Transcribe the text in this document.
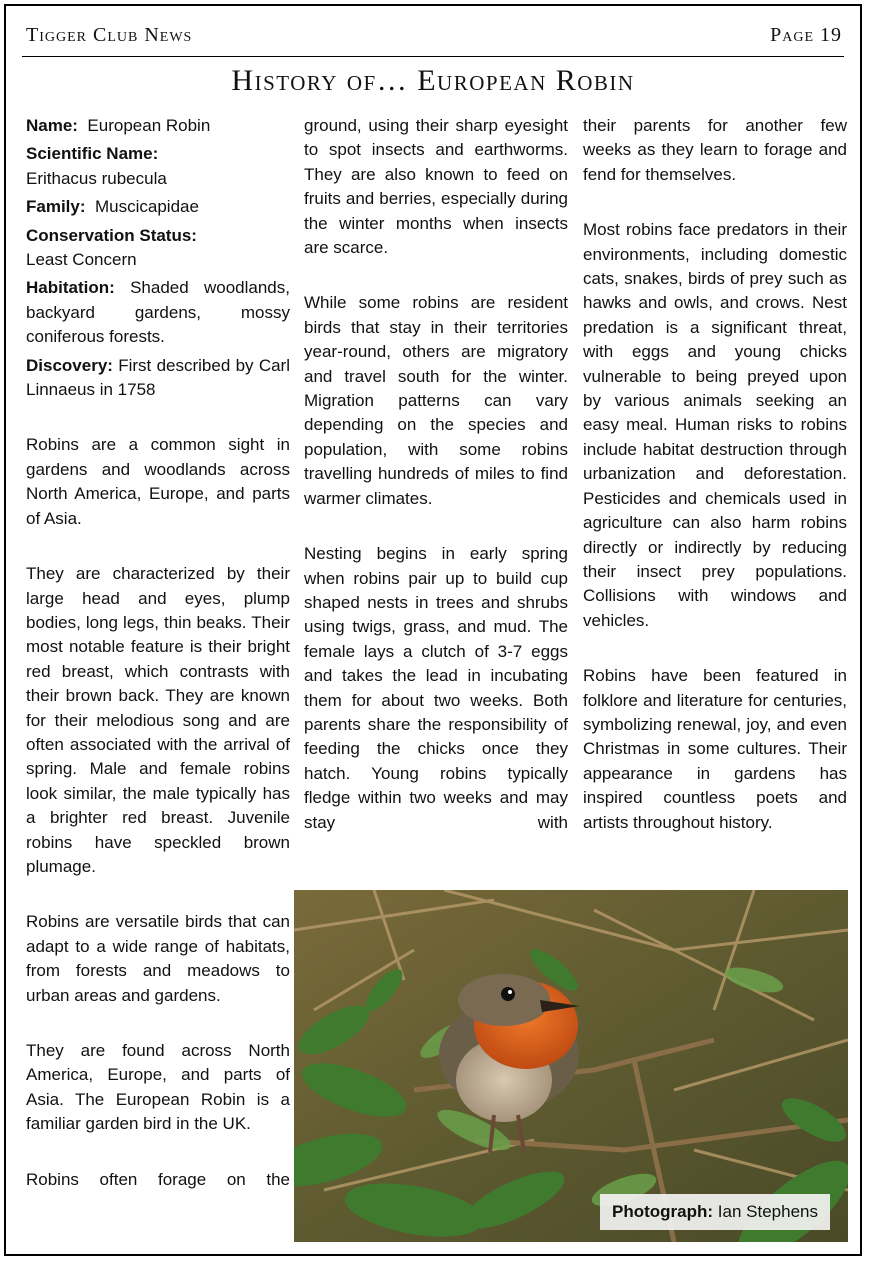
Tigger Club News	Page 19
History of… European Robin

Name: European Robin

Scientific Name:
Erithacus rubecula

Family: Muscicapidae

Conservation Status:
Least Concern

Habitation: Shaded woodlands, backyard gardens, mossy coniferous forests.

Discovery: First described by Carl Linnaeus in 1758

Robins are a common sight in gardens and woodlands across North America, Europe, and parts of Asia.

They are characterized by their large head and eyes, plump bodies, long legs, thin beaks. Their most notable feature is their bright red breast, which contrasts with their brown back. They are known for their melodious song and are often associated with the arrival of spring. Male and female robins look similar, the male typically has a brighter red breast. Juvenile robins have speckled brown plumage.

Robins are versatile birds that can adapt to a wide range of habitats, from forests and meadows to urban areas and gardens.

They are found across North America, Europe, and parts of Asia. The European Robin is a familiar garden bird in the UK.

Robins often forage on the

ground, using their sharp eyesight to spot insects and earthworms. They are also known to feed on fruits and berries, especially during the winter months when insects are scarce.

While some robins are resident birds that stay in their territories year-round, others are migratory and travel south for the winter. Migration patterns can vary depending on the species and population, with some robins travelling hundreds of miles to find warmer climates.

Nesting begins in early spring when robins pair up to build cup shaped nests in trees and shrubs using twigs, grass, and mud. The female lays a clutch of 3-7 eggs and takes the lead in incubating them for about two weeks. Both parents share the responsibility of feeding the chicks once they hatch. Young robins typically fledge within two weeks and may stay with

their parents for another few weeks as they learn to forage and fend for themselves.

Most robins face predators in their environments, including domestic cats, snakes, birds of prey such as hawks and owls, and crows. Nest predation is a significant threat, with eggs and young chicks vulnerable to being preyed upon by various animals seeking an easy meal. Human risks to robins include habitat destruction through urbanization and deforestation. Pesticides and chemicals used in agriculture can also harm robins directly or indirectly by reducing their insect prey populations. Collisions with windows and vehicles.

Robins have been featured in folklore and literature for centuries, symbolizing renewal, joy, and even Christmas in some cultures. Their appearance in gardens has inspired countless poets and artists throughout history.

Photograph: Ian Stephens
